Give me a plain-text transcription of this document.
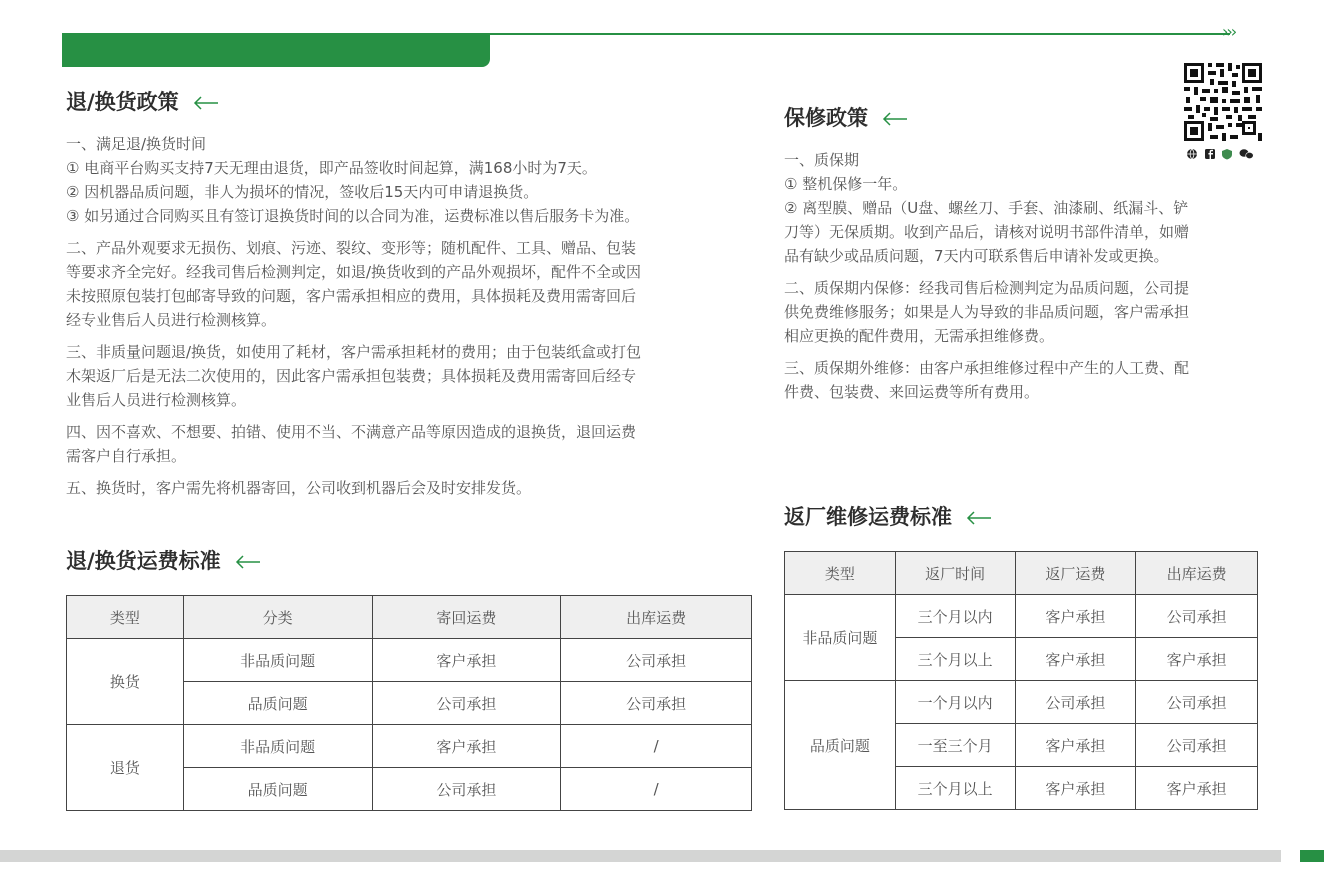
›››
退/换货政策

一、满足退/换货时间
① 电商平台购买支持7天无理由退货，即产品签收时间起算，满168小时为7天。
② 因机器品质问题，非人为损坏的情况，签收后15天内可申请退换货。
③ 如另通过合同购买且有签订退换货时间的以合同为准，运费标准以售后服务卡为准。

二、产品外观要求无损伤、划痕、污迹、裂纹、变形等；随机配件、工具、赠品、包装
等要求齐全完好。经我司售后检测判定，如退/换货收到的产品外观损坏，配件不全或因
未按照原包装打包邮寄导致的问题，客户需承担相应的费用，具体损耗及费用需寄回后
经专业售后人员进行检测核算。

三、非质量问题退/换货，如使用了耗材，客户需承担耗材的费用；由于包装纸盒或打包
木架返厂后是无法二次使用的，因此客户需承担包装费；具体损耗及费用需寄回后经专
业售后人员进行检测核算。

四、因不喜欢、不想要、拍错、使用不当、不满意产品等原因造成的退换货，退回运费
需客户自行承担。

五、换货时，客户需先将机器寄回，公司收到机器后会及时安排发货。

退/换货运费标准
类型	分类	寄回运费	出库运费
换货	非品质问题	客户承担	公司承担
	品质问题	公司承担	公司承担
退货	非品质问题	客户承担	/
	品质问题	公司承担	/
保修政策

一、质保期
① 整机保修一年。
② 离型膜、赠品（U盘、螺丝刀、手套、油漆刷、纸漏斗、铲
刀等）无保质期。收到产品后，请核对说明书部件清单，如赠
品有缺少或品质问题，7天内可联系售后申请补发或更换。

二、质保期内保修：经我司售后检测判定为品质问题，公司提
供免费维修服务；如果是人为导致的非品质问题，客户需承担
相应更换的配件费用，无需承担维修费。

三、质保期外维修：由客户承担维修过程中产生的人工费、配
件费、包装费、来回运费等所有费用。

返厂维修运费标准
类型	返厂时间	返厂运费	出库运费
非品质问题	三个月以内	客户承担	公司承担
	三个月以上	客户承担	客户承担
品质问题	一个月以内	公司承担	公司承担
	一至三个月	客户承担	公司承担
	三个月以上	客户承担	客户承担
